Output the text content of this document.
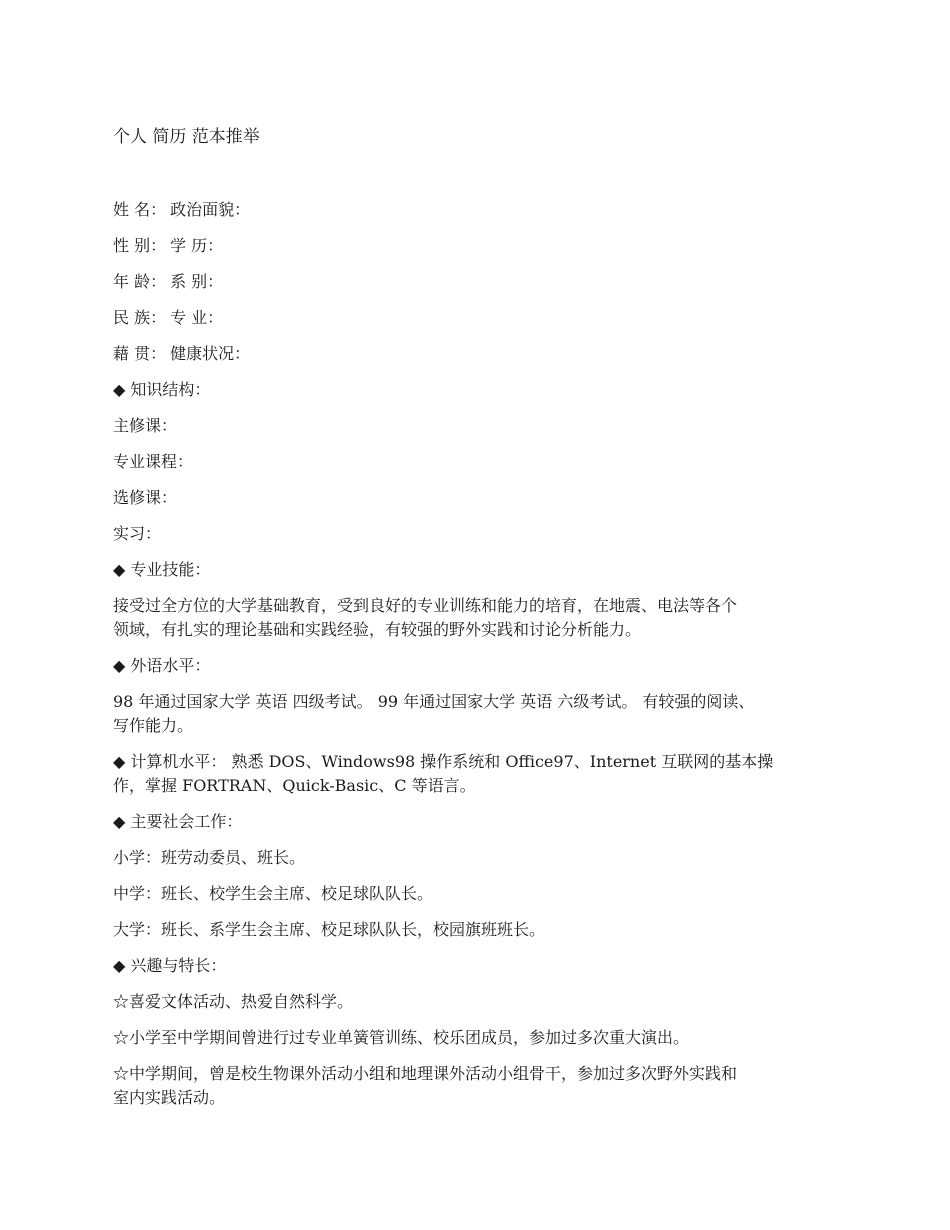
个人 简历 范本推举
姓 名： 政治面貌：
性 别： 学 历：
年 龄： 系 别：
民 族： 专 业：
藉 贯： 健康状况：
◆ 知识结构：
主修课：
专业课程：
选修课：
实习：
◆ 专业技能：
接受过全方位的大学基础教育，受到良好的专业训练和能力的培育，在地震、电法等各个
领域，有扎实的理论基础和实践经验，有较强的野外实践和讨论分析能力。
◆ 外语水平：
98 年通过国家大学 英语 四级考试。 99 年通过国家大学 英语 六级考试。 有较强的阅读、
写作能力。
◆ 计算机水平： 熟悉 DOS、Windows98 操作系统和 Office97、Internet 互联网的基本操
作，掌握 FORTRAN、Quick-Basic、C 等语言。
◆ 主要社会工作：
小学：班劳动委员、班长。
中学：班长、校学生会主席、校足球队队长。
大学：班长、系学生会主席、校足球队队长，校园旗班班长。
◆ 兴趣与特长：
☆喜爱文体活动、热爱自然科学。
☆小学至中学期间曾进行过专业单簧管训练、校乐团成员，参加过多次重大演出。
☆中学期间，曾是校生物课外活动小组和地理课外活动小组骨干，参加过多次野外实践和
室内实践活动。
